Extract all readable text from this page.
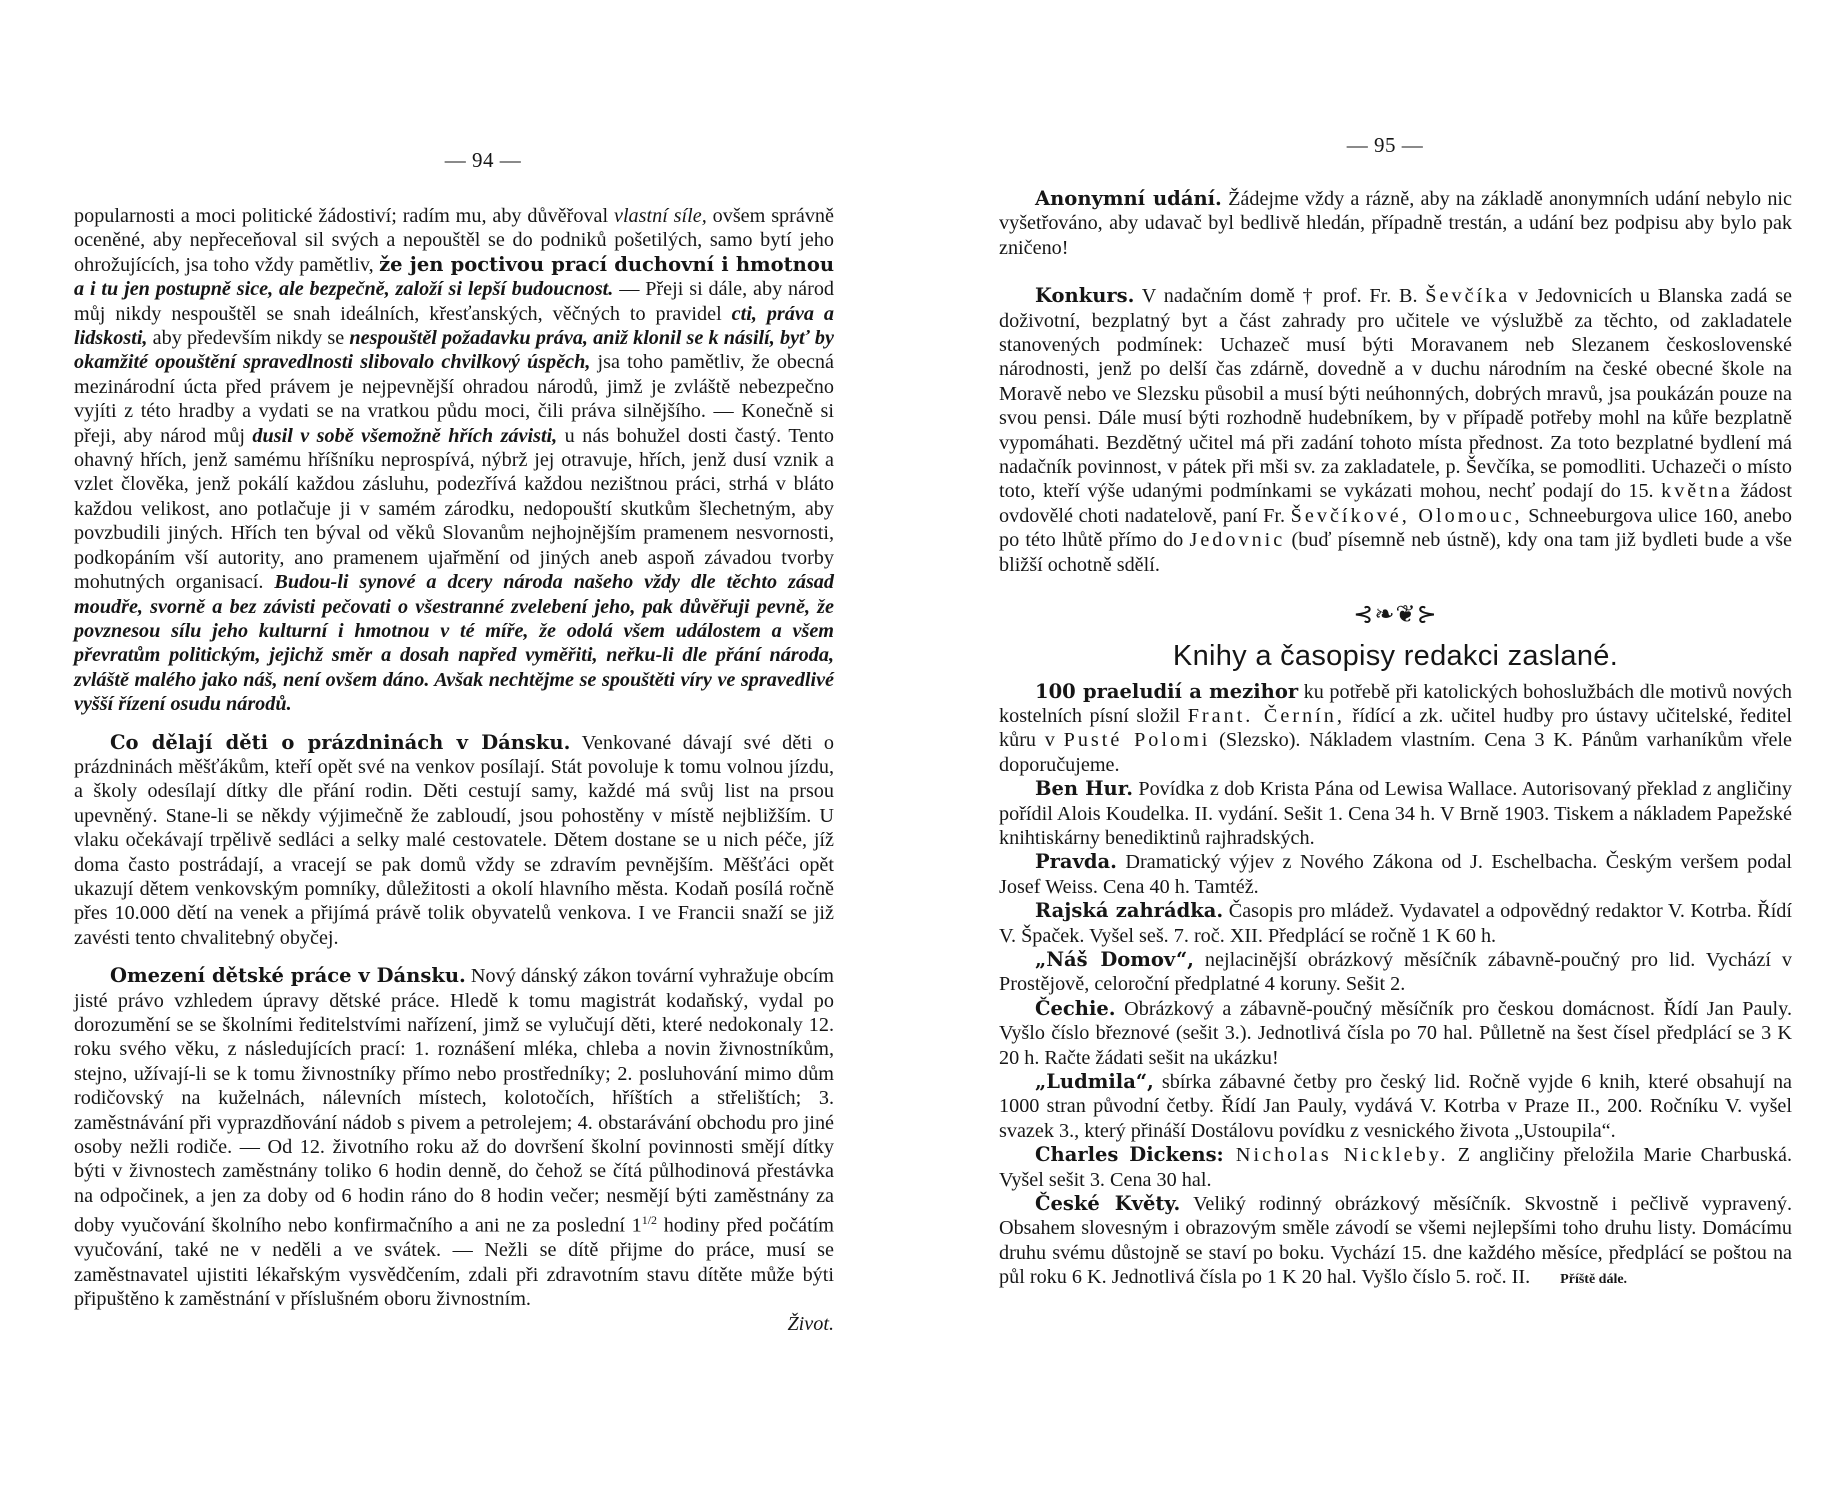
— 94 —

popularnosti a moci politické žádostiví; radím mu, aby důvěřoval vlastní síle, ovšem správně oceněné, aby nepřeceňoval sil svých a nepouštěl se do podniků pošetilých, samo bytí jeho ohrožujících, jsa toho vždy pamětliv, že jen poctivou prací duchovní i hmotnou a i tu jen postupně sice, ale bezpečně, založí si lepší budoucnost. — Přeji si dále, aby národ můj nikdy nespouštěl se snah ideálních, křesťanských, věčných to pravidel cti, práva a lidskosti, aby především nikdy se nespouštěl požadavku práva, aniž klonil se k násilí, byť by okamžité opouštění spravedlnosti slibovalo chvilkový úspěch, jsa toho pamětliv, že obecná mezinárodní úcta před právem je nejpevnější ohradou národů, jimž je zvláště nebezpečno vyjíti z této hradby a vydati se na vratkou půdu moci, čili práva silnějšího. — Konečně si přeji, aby národ můj dusil v sobě všemožně hřích závisti, u nás bohužel dosti častý. Tento ohavný hřích, jenž samému hříšníku neprospívá, nýbrž jej otravuje, hřích, jenž dusí vznik a vzlet člověka, jenž pokálí každou zásluhu, podezřívá každou nezištnou práci, strhá v bláto každou velikost, ano potlačuje ji v samém zárodku, nedopouští skutkům šlechetným, aby povzbudili jiných. Hřích ten býval od věků Slovanům nejhojnějším pramenem nesvornosti, podkopáním vší autority, ano pramenem ujařmění od jiných aneb aspoň závadou tvorby mohutných organisací. Budou-li synové a dcery národa našeho vždy dle těchto zásad moudře, svorně a bez závisti pečovati o všestranné zvelebení jeho, pak důvěřuji pevně, že povznesou sílu jeho kulturní i hmotnou v té míře, že odolá všem událostem a všem převratům politickým, jejichž směr a dosah napřed vyměřiti, neřku-li dle přání národa, zvláště malého jako náš, není ovšem dáno. Avšak nechtějme se spouštěti víry ve spravedlivé vyšší řízení osudu národů.

Co dělají děti o prázdninách v Dánsku. Venkované dávají své děti o prázdninách měšťákům, kteří opět své na venkov posílají. Stát povoluje k tomu volnou jízdu, a školy odesílají dítky dle přání rodin. Děti cestují samy, každé má svůj list na prsou upevněný. Stane-li se někdy výjimečně že zabloudí, jsou pohostěny v místě nejbližším. U vlaku očekávají trpělivě sedláci a selky malé cestovatele. Dětem dostane se u nich péče, jíž doma často postrádají, a vracejí se pak domů vždy se zdravím pevnějším. Měšťáci opět ukazují dětem venkovským pomníky, důležitosti a okolí hlavního města. Kodaň posílá ročně přes 10.000 dětí na venek a přijímá právě tolik obyvatelů venkova. I ve Francii snaží se již zavésti tento chvalitebný obyčej.

Omezení dětské práce v Dánsku. Nový dánský zákon tovární vyhražuje obcím jisté právo vzhledem úpravy dětské práce. Hledě k tomu magistrát kodaňský, vydal po dorozumění se se školními ředitelstvími nařízení, jimž se vylučují děti, které nedokonaly 12. roku svého věku, z následujících prací: 1. roznášení mléka, chleba a novin živnostníkům, stejno, užívají-li se k tomu živnostníky přímo nebo prostředníky; 2. posluhování mimo dům rodičovský na kuželnách, nálevních místech, kolotočích, hříštích a střelištích; 3. zaměstnávání při vyprazdňování nádob s pivem a petrolejem; 4. obstarávání obchodu pro jiné osoby nežli rodiče. — Od 12. životního roku až do dovršení školní povinnosti smějí dítky býti v živnostech zaměstnány toliko 6 hodin denně, do čehož se čítá půlhodinová přestávka na odpočinek, a jen za doby od 6 hodin ráno do 8 hodin večer; nesmějí býti zaměstnány za doby vyučování školního nebo konfirmačního a ani ne za poslední $1^{1/2}$ hodiny před počátím vyučování, také ne v neděli a ve svátek. — Nežli se dítě přijme do práce, musí se zaměstnavatel ujistiti lékařským vysvědčením, zdali při zdravotním stavu dítěte může býti připuštěno k zaměstnání v příslušném oboru živnostním.

Život.

— 95 —

Anonymní udání. Žádejme vždy a rázně, aby na základě anonymních udání nebylo nic vyšetřováno, aby udavač byl bedlivě hledán, případně trestán, a udání bez podpisu aby bylo pak zničeno!

Konkurs. V nadačním domě † prof. Fr. B. Ševčíka v Jedovnicích u Blanska zadá se doživotní, bezplatný byt a část zahrady pro učitele ve výslužbě za těchto, od zakladatele stanovených podmínek: Uchazeč musí býti Moravanem neb Slezanem československé národnosti, jenž po delší čas zdárně, dovedně a v duchu národním na české obecné škole na Moravě nebo ve Slezsku působil a musí býti neúhonných, dobrých mravů, jsa poukázán pouze na svou pensi. Dále musí býti rozhodně hudebníkem, by v případě potřeby mohl na kůře bezplatně vypomáhati. Bezdětný učitel má při zadání tohoto místa přednost. Za toto bezplatné bydlení má nadačník povinnost, v pátek při mši sv. za zakladatele, p. Ševčíka, se pomodliti. Uchazeči o místo toto, kteří výše udanými podmínkami se vykázati mohou, nechť podají do 15. května žádost ovdovělé choti nadatelově, paní Fr. Ševčíkové, Olomouc, Schneeburgova ulice 160, anebo po této lhůtě přímo do Jedovnic (buď písemně neb ústně), kdy ona tam již bydleti bude a vše bližší ochotně sdělí.

⊰❧❦⊱
Knihy a časopisy redakci zaslané.

100 praeludií a mezihor ku potřebě při katolických bohoslužbách dle motivů nových kostelních písní složil Frant. Černín, řídící a zk. učitel hudby pro ústavy učitelské, ředitel kůru v Pusté Polomi (Slezsko). Nákladem vlastním. Cena 3 K. Pánům varhaníkům vřele doporučujeme.

Ben Hur. Povídka z dob Krista Pána od Lewisa Wallace. Autorisovaný překlad z angličiny pořídil Alois Koudelka. II. vydání. Sešit 1. Cena 34 h. V Brně 1903. Tiskem a nákladem Papežské knihtiskárny benediktinů rajhradských.

Pravda. Dramatický výjev z Nového Zákona od J. Eschelbacha. Českým veršem podal Josef Weiss. Cena 40 h. Tamtéž.

Rajská zahrádka. Časopis pro mládež. Vydavatel a odpovědný redaktor V. Kotrba. Řídí V. Špaček. Vyšel seš. 7. roč. XII. Předplácí se ročně 1 K 60 h.

„Náš Domov“, nejlacinější obrázkový měsíčník zábavně-poučný pro lid. Vychází v Prostějově, celoroční předplatné 4 koruny. Sešit 2.

Čechie. Obrázkový a zábavně-poučný měsíčník pro českou domácnost. Řídí Jan Pauly. Vyšlo číslo březnové (sešit 3.). Jednotlivá čísla po 70 hal. Půlletně na šest čísel předplácí se 3 K 20 h. Račte žádati sešit na ukázku!

„Ludmila“, sbírka zábavné četby pro český lid. Ročně vyjde 6 knih, které obsahují na 1000 stran původní četby. Řídí Jan Pauly, vydává V. Kotrba v Praze II., 200. Ročníku V. vyšel svazek 3., který přináší Dostálovu povídku z vesnického života „Ustoupila“.

Charles Dickens: Nicholas Nickleby. Z angličiny přeložila Marie Charbuská. Vyšel sešit 3. Cena 30 hal.

České Květy. Veliký rodinný obrázkový měsíčník. Skvostně i pečlivě vypravený. Obsahem slovesným i obrazovým směle závodí se všemi nejlepšími toho druhu listy. Domácímu druhu svému důstojně se staví po boku. Vychází 15. dne každého měsíce, předplácí se poštou na půl roku 6 K. Jednotlivá čísla po 1 K 20 hal. Vyšlo číslo 5. roč. II. Příště dále.
